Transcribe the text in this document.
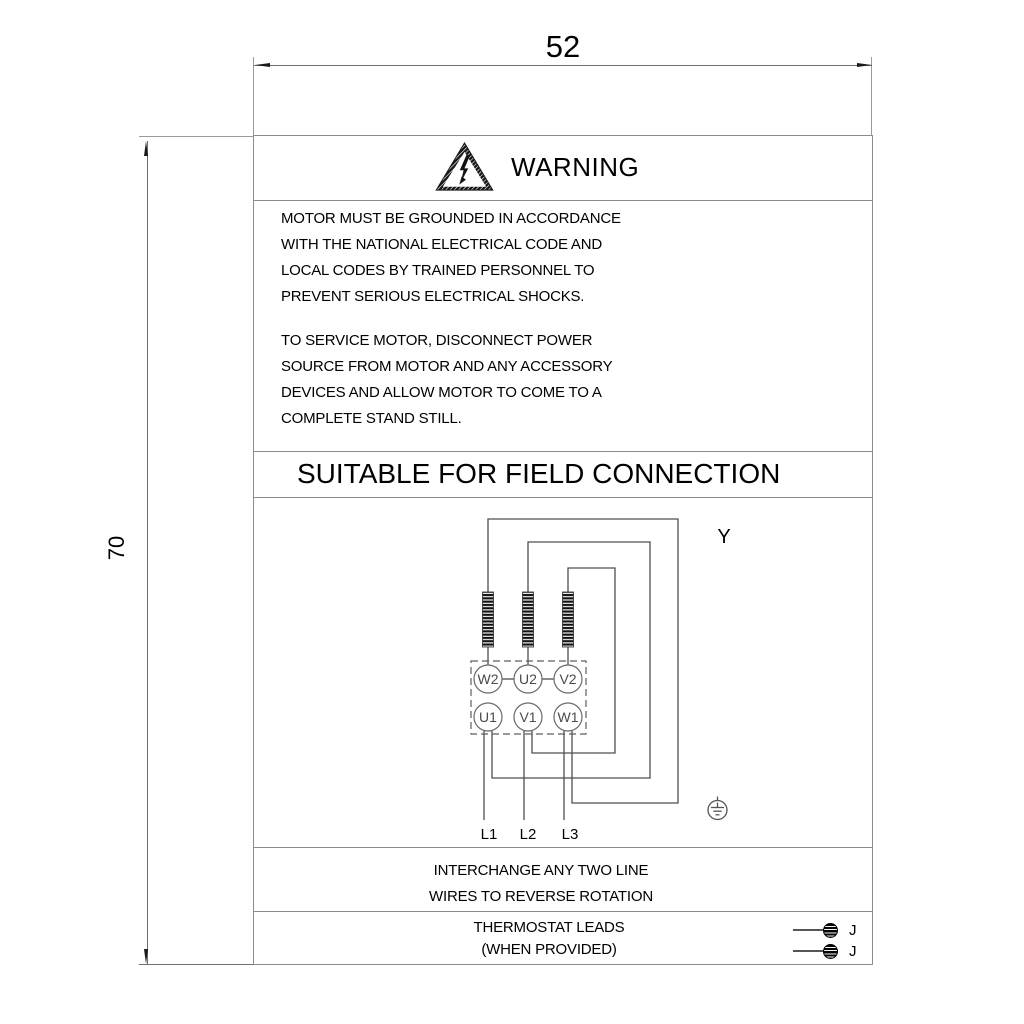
52
70
WARNING
MOTOR MUST BE GROUNDED IN ACCORDANCE
WITH THE NATIONAL ELECTRICAL CODE AND
LOCAL CODES BY TRAINED PERSONNEL TO
PREVENT SERIOUS ELECTRICAL SHOCKS.
TO SERVICE MOTOR, DISCONNECT POWER
SOURCE FROM MOTOR AND ANY ACCESSORY
DEVICES AND ALLOW MOTOR TO COME TO A
COMPLETE STAND STILL.
SUITABLE FOR FIELD CONNECTION
W2 U2 V2
U1 V1 W1
L1 L2 L3
Y
INTERCHANGE ANY TWO LINE
WIRES TO REVERSE ROTATION
THERMOSTAT LEADS
(WHEN PROVIDED)
J
J
